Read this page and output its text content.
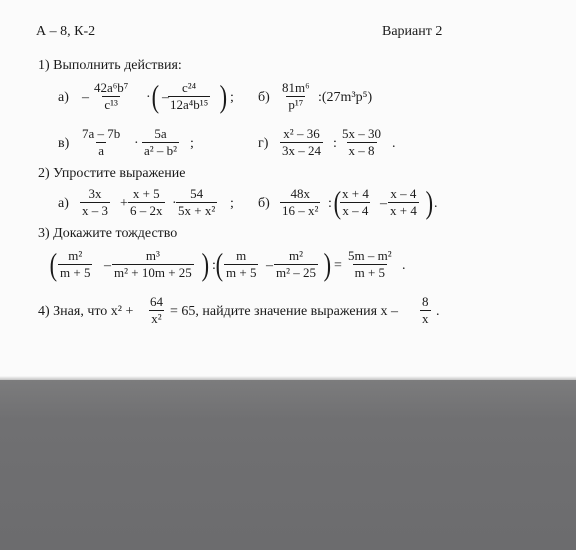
А – 8, К-2	Вариант 2
1) Выполнить действия:
$а) - \frac{\text{42a⁶b⁷}}{\text{c¹³}}$ · ( – $\frac{\text{c²⁴}}{\text{12a⁴b¹⁵}}$ ) ; $б) \frac{\text{81m⁶}}{\text{p¹⁷}}$ :(27m³p⁵)
$в) \frac{7a - 7b}{a} \cdot \frac{5a}{\text{a² – b²}}$ ;	$г) \frac{\text{x² – 36}}{3x - 24}$ : $\frac{5x - 30}{x - 8}$ .
2) Упростите выражение
$а) \frac{3x}{x - 3} + \frac{x + 5}{6 - 2x} \cdot \frac{54}{\text{5x + x²}}$ ; $б) \frac{48x}{\text{16 – x²}}$ : (
$\frac{x + 4}{x - 4} - \frac{x - 4}{x + 4}$ ) .
3) Докажите тождество
( $\frac{\text{m²}}{m + 5} - \frac{\text{m³}}{\text{m² + 10m + 25}}$ ) : ( $\frac{m}{m + 5} - \frac{\text{m²}}{\text{m² – 25}}$ ) = $\frac{\text{5m – m²}}{m + 5}$ .
4) Зная, что $x^2 + \frac{64}{\text{x²}} = 65$, найдите значение выражения x – $\frac{8}{x}$ .
